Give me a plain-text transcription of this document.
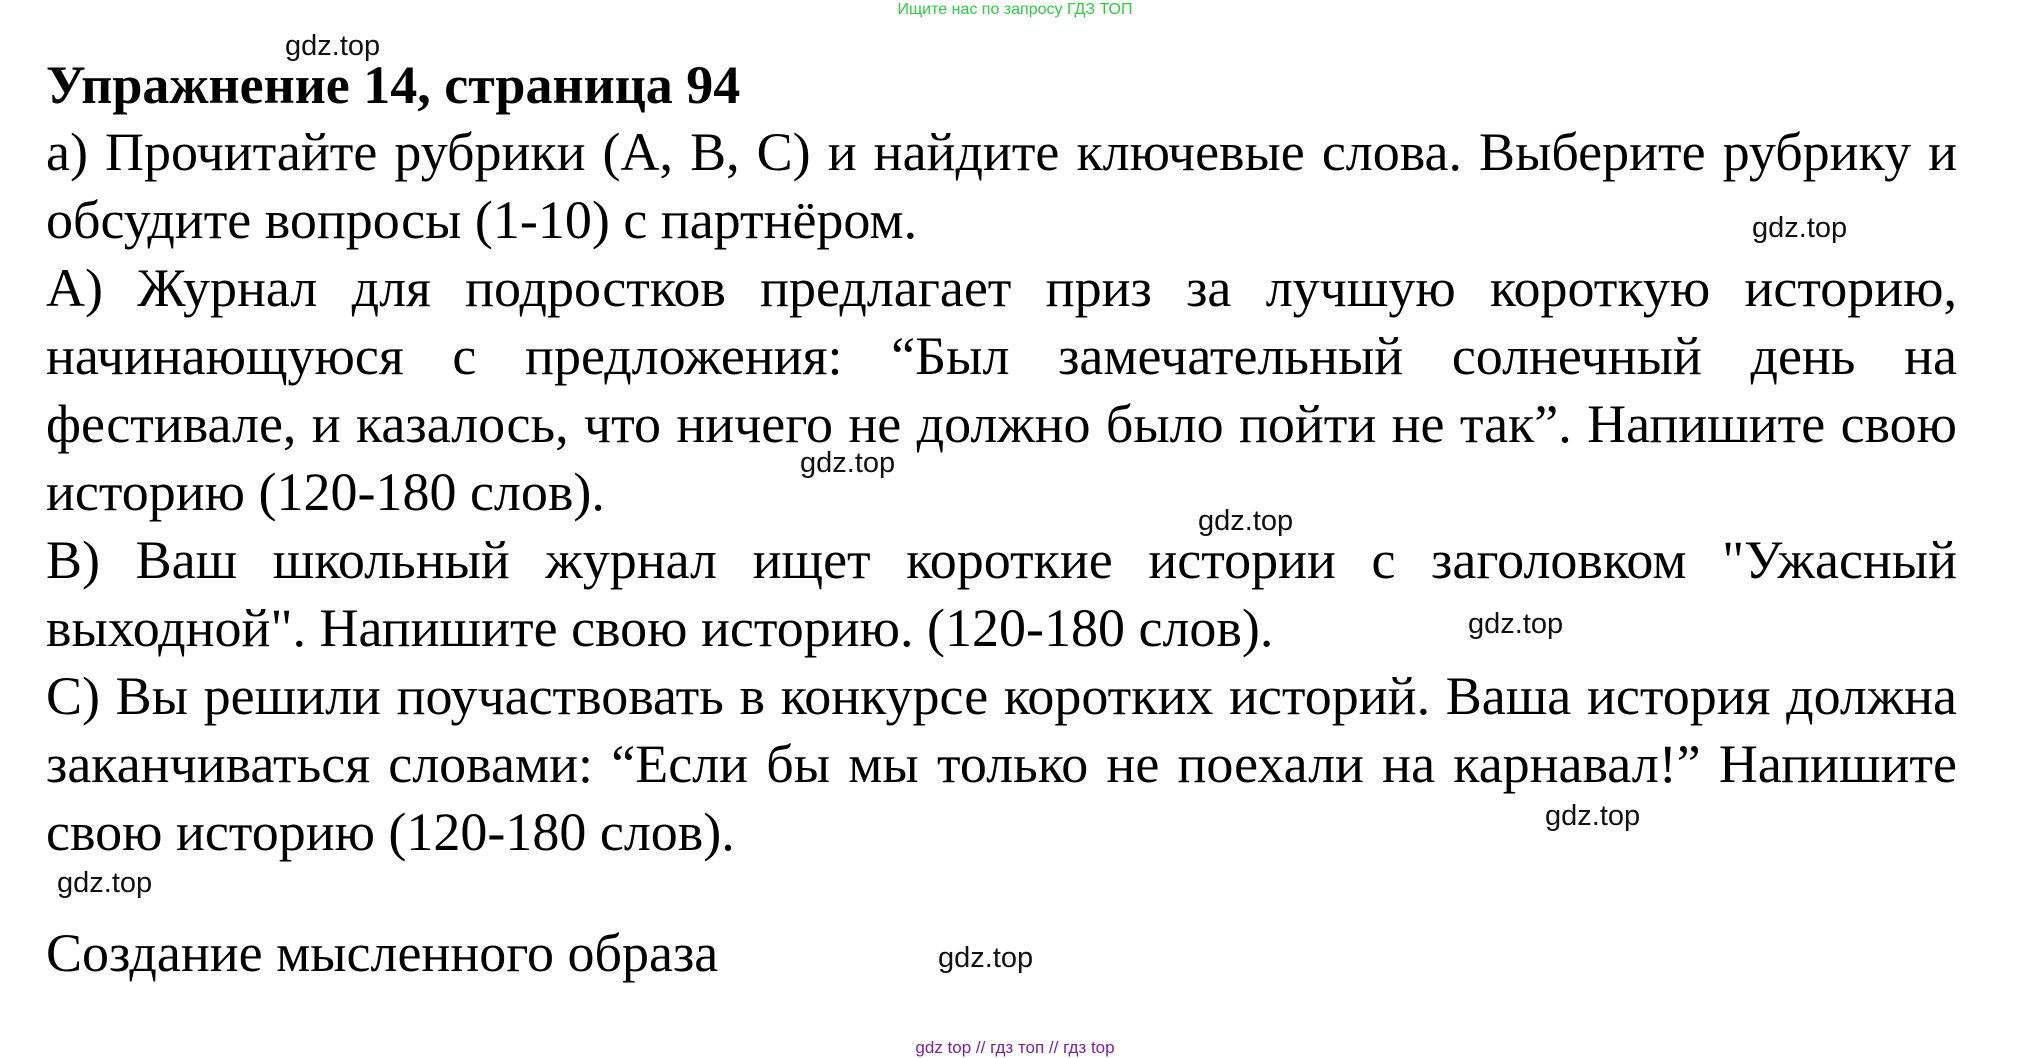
Ищите нас по запросу ГДЗ ТОП
Упражнение 14, страница 94

a) Прочитайте рубрики (A, B, C) и найдите ключевые слова. Выберите рубрику и обсудите вопросы (1-10) с партнёром.

A) Журнал для подростков предлагает приз за лучшую короткую историю, начинающуюся с предложения: “Был замечательный солнечный день на фестивале, и казалось, что ничего не должно было пойти не так”. Напишите свою историю (120-180 слов).

B) Ваш школьный журнал ищет короткие истории с заголовком "Ужасный выходной". Напишите свою историю. (120-180 слов).

C) Вы решили поучаствовать в конкурсе коротких историй. Ваша история должна заканчиваться словами: “Если бы мы только не поехали на карнавал!” Напишите свою историю (120-180 слов).

Создание мысленного образа

gdz.top
gdz.top
gdz.top
gdz.top
gdz.top
gdz.top
gdz.top
gdz.top
gdz top // гдз топ // гдз top
